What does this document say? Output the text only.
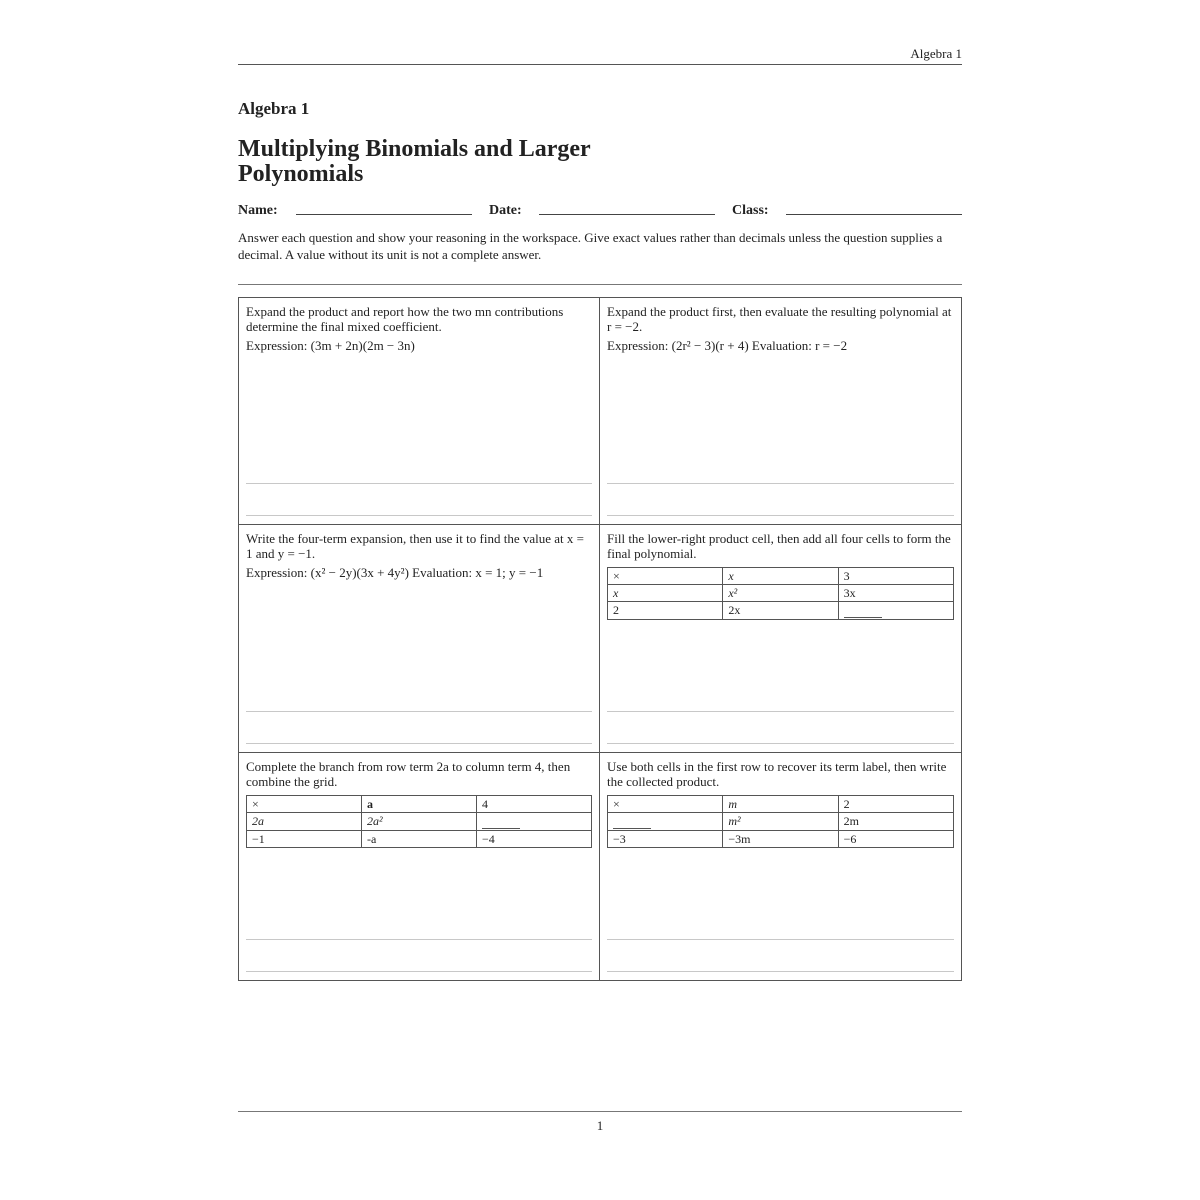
Algebra 1
Algebra 1
Multiplying Binomials and Larger Polynomials
Name:	Date:	Class:
Answer each question and show your reasoning in the workspace. Give exact values rather than decimals unless the question supplies a decimal. A value without its unit is not a complete answer.

Expand the product and report how the two mn contributions determine the final mixed coefficient.

Expression: (3m + 2n)(2m − 3n)

Expand the product first, then evaluate the resulting polynomial at r = −2.

Expression: (2r² − 3)(r + 4) Evaluation: r = −2

Write the four-term expansion, then use it to find the value at x = 1 and y = −1.

Expression: (x² − 2y)(3x + 4y²) Evaluation: x = 1; y = −1

Fill the lower-right product cell, then add all four cells to form the final polynomial.

×	x	3
x	x²	3x
2	2x	

Complete the branch from row term 2a to column term 4, then combine the grid.

×	a	4
2a	2a²	
−1	-a	−4

Use both cells in the first row to recover its term label, then write the collected product.

×	m	2
	m²	2m
−3	−3m	−6
1
